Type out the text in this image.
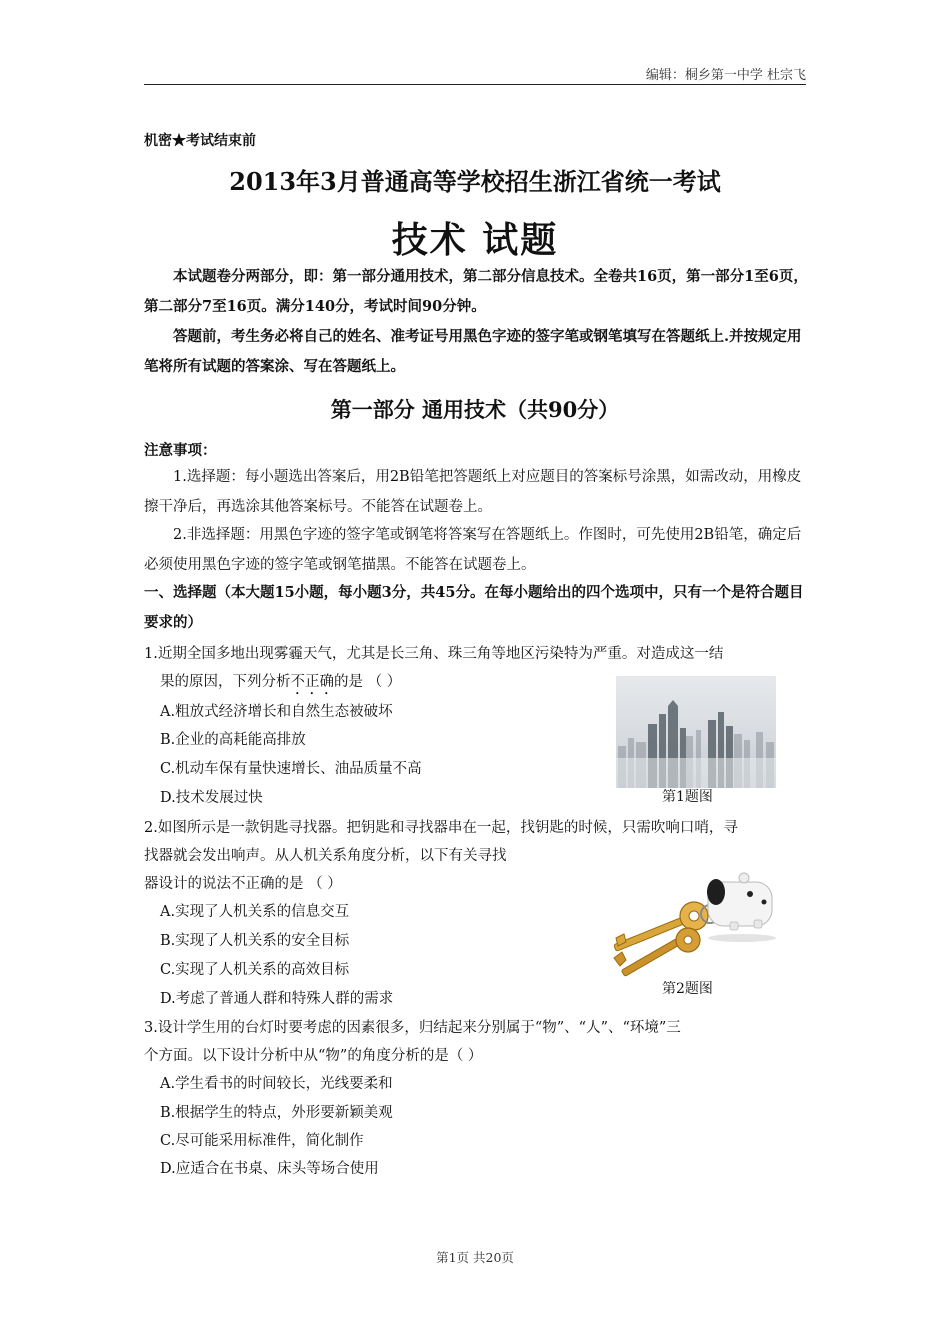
编辑：桐乡第一中学 杜宗飞
机密★考试结束前
2013年3月普通高等学校招生浙江省统一考试
技术 试题
本试题卷分两部分，即：第一部分通用技术，第二部分信息技术。全卷共16页，第一部分1至6页，第二部分7至16页。满分140分，考试时间90分钟。
答题前，考生务必将自己的姓名、准考证号用黑色字迹的签字笔或钢笔填写在答题纸上.并按规定用笔将所有试题的答案涂、写在答题纸上。
第一部分 通用技术（共90分）
注意事项：
1.选择题：每小题选出答案后，用2B铅笔把答题纸上对应题目的答案标号涂黑，如需改动，用橡皮擦干净后，再选涂其他答案标号。不能答在试题卷上。
2.非选择题：用黑色字迹的签字笔或钢笔将答案写在答题纸上。作图时，可先使用2B铅笔，确定后必须使用黑色字迹的签字笔或钢笔描黑。不能答在试题卷上。
一、选择题（本大题15小题，每小题3分，共45分。在每小题给出的四个选项中，只有一个是符合题目要求的）
1.近期全国多地出现雾霾天气，尤其是长三角、珠三角等地区污染特为严重。对造成这一结
果的原因，下列分析不正确的是 （ ）
A.粗放式经济增长和自然生态被破坏
B.企业的高耗能高排放
C.机动车保有量快速增长、油品质量不高
D.技术发展过快	第1题图
2.如图所示是一款钥匙寻找器。把钥匙和寻找器串在一起，找钥匙的时候，只需吹响口哨，寻
找器就会发出响声。从人机关系角度分析，以下有关寻找
器设计的说法不正确的是 （ ）
A.实现了人机关系的信息交互
B.实现了人机关系的安全目标
C.实现了人机关系的高效目标
D.考虑了普通人群和特殊人群的需求
第2题图
3.设计学生用的台灯时要考虑的因素很多，归结起来分别属于“物”、“人”、“环境”三
个方面。以下设计分析中从“物”的角度分析的是（ ）
A.学生看书的时间较长，光线要柔和
B.根据学生的特点，外形要新颖美观
C.尽可能采用标准件，简化制作
D.应适合在书桌、床头等场合使用
第1页 共20页
